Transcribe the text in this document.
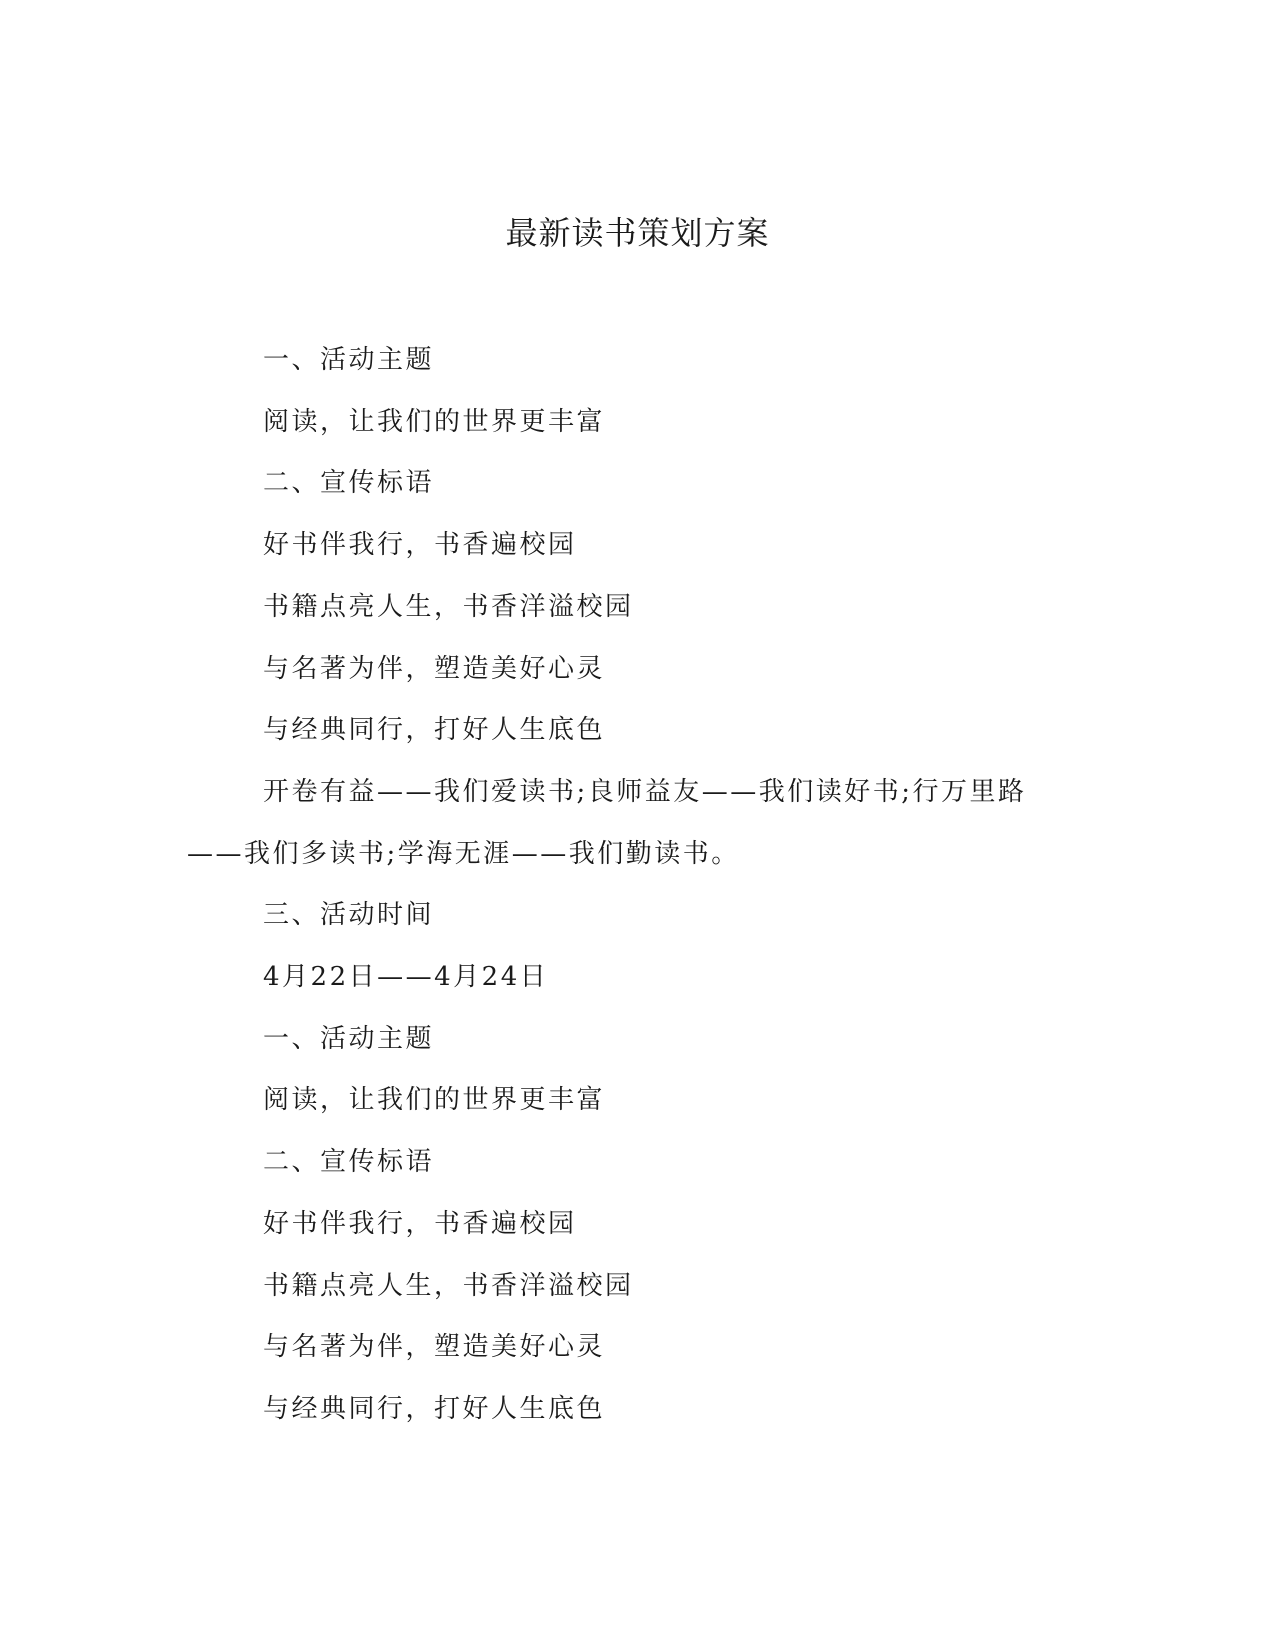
最新读书策划方案

一、活动主题

阅读，让我们的世界更丰富

二、宣传标语

好书伴我行，书香遍校园

书籍点亮人生，书香洋溢校园

与名著为伴，塑造美好心灵

与经典同行，打好人生底色

开卷有益——我们爱读书;良师益友——我们读好书;行万里路——我们多读书;学海无涯——我们勤读书。

三、活动时间

4月22日——4月24日

一、活动主题

阅读，让我们的世界更丰富

二、宣传标语

好书伴我行，书香遍校园

书籍点亮人生，书香洋溢校园

与名著为伴，塑造美好心灵

与经典同行，打好人生底色
